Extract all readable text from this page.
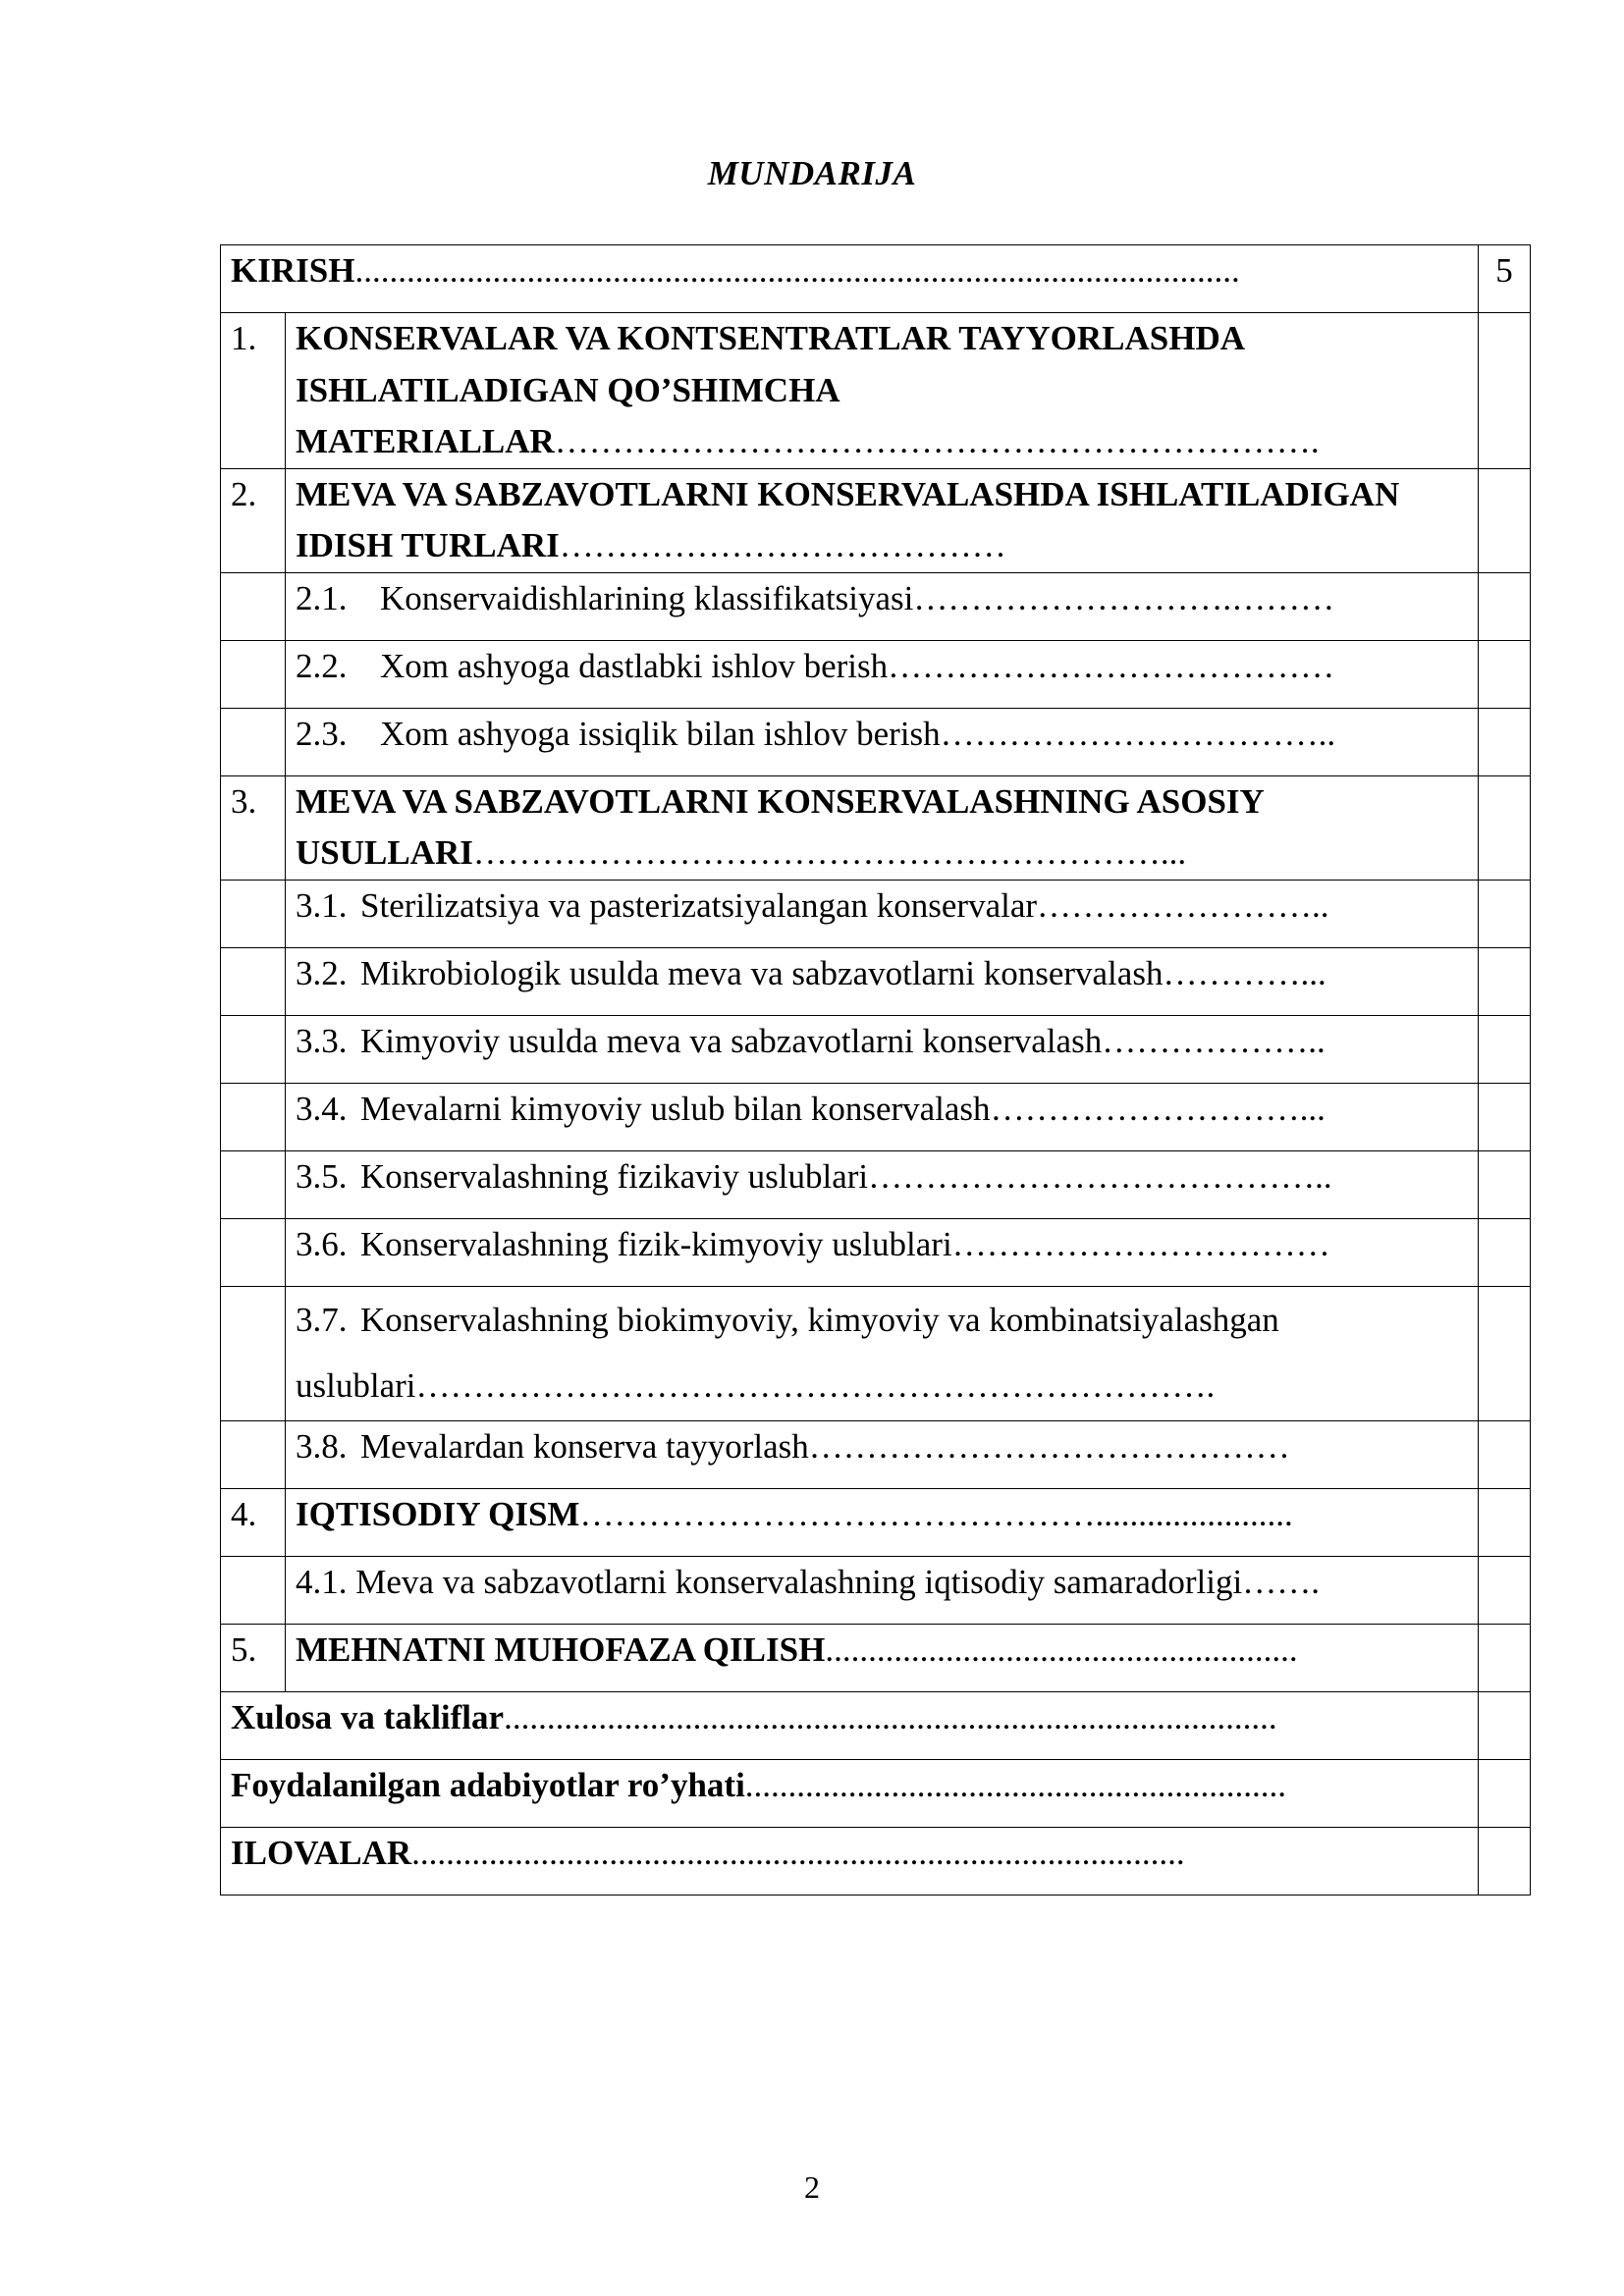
MUNDARIJA
KIRISH.......................................................................................................		5
1.	KONSERVALAR VA KONTSENTRATLAR TAYYORLASHDA ISHLATILADIGAN QO’SHIMCHA MATERIALLAR………………………………………………………….	
2.	MEVA VA SABZAVOTLARNI KONSERVALASHDA ISHLATILADIGAN IDISH TURLARI…………………………………	
	2.1. Konservaidishlarining klassifikatsiyasi……………………….………	
	2.2. Xom ashyoga dastlabki ishlov berish…………………………………	
	2.3. Xom ashyoga issiqlik bilan ishlov berish……………………………..	
3.	MEVA VA SABZAVOTLARNI KONSERVALASHNING ASOSIY USULLARI……………………………………………………...	
	3.1. Sterilizatsiya va pasterizatsiyalangan konservalar……………………..	
	3.2. Mikrobiologik usulda meva va sabzavotlarni konservalash…………...	
	3.3. Kimyoviy usulda meva va sabzavotlarni konservalash………………..	
	3.4. Mevalarni kimyoviy uslub bilan konservalash………………………...	
	3.5. Konservalashning fizikaviy uslublari…………………………………..	
	3.6. Konservalashning fizik-kimyoviy uslublari……………………………	
	3.7. Konservalashning biokimyoviy, kimyoviy va kombinatsiyalashgan uslublari…………………………………………………………….	
	3.8. Mevalardan konserva tayyorlash……………………………………	
4.	IQTISODIY QISM……………………………………….......................	
	4.1. Meva va sabzavotlarni konservalashning iqtisodiy samaradorligi…….	
5.	MEHNATNI MUHOFAZA QILISH.......................................................	
Xulosa va takliflar..........................................................................................		
Foydalanilgan adabiyotlar ro’yhati...............................................................		
ILOVALAR..........................................................................................		
2
